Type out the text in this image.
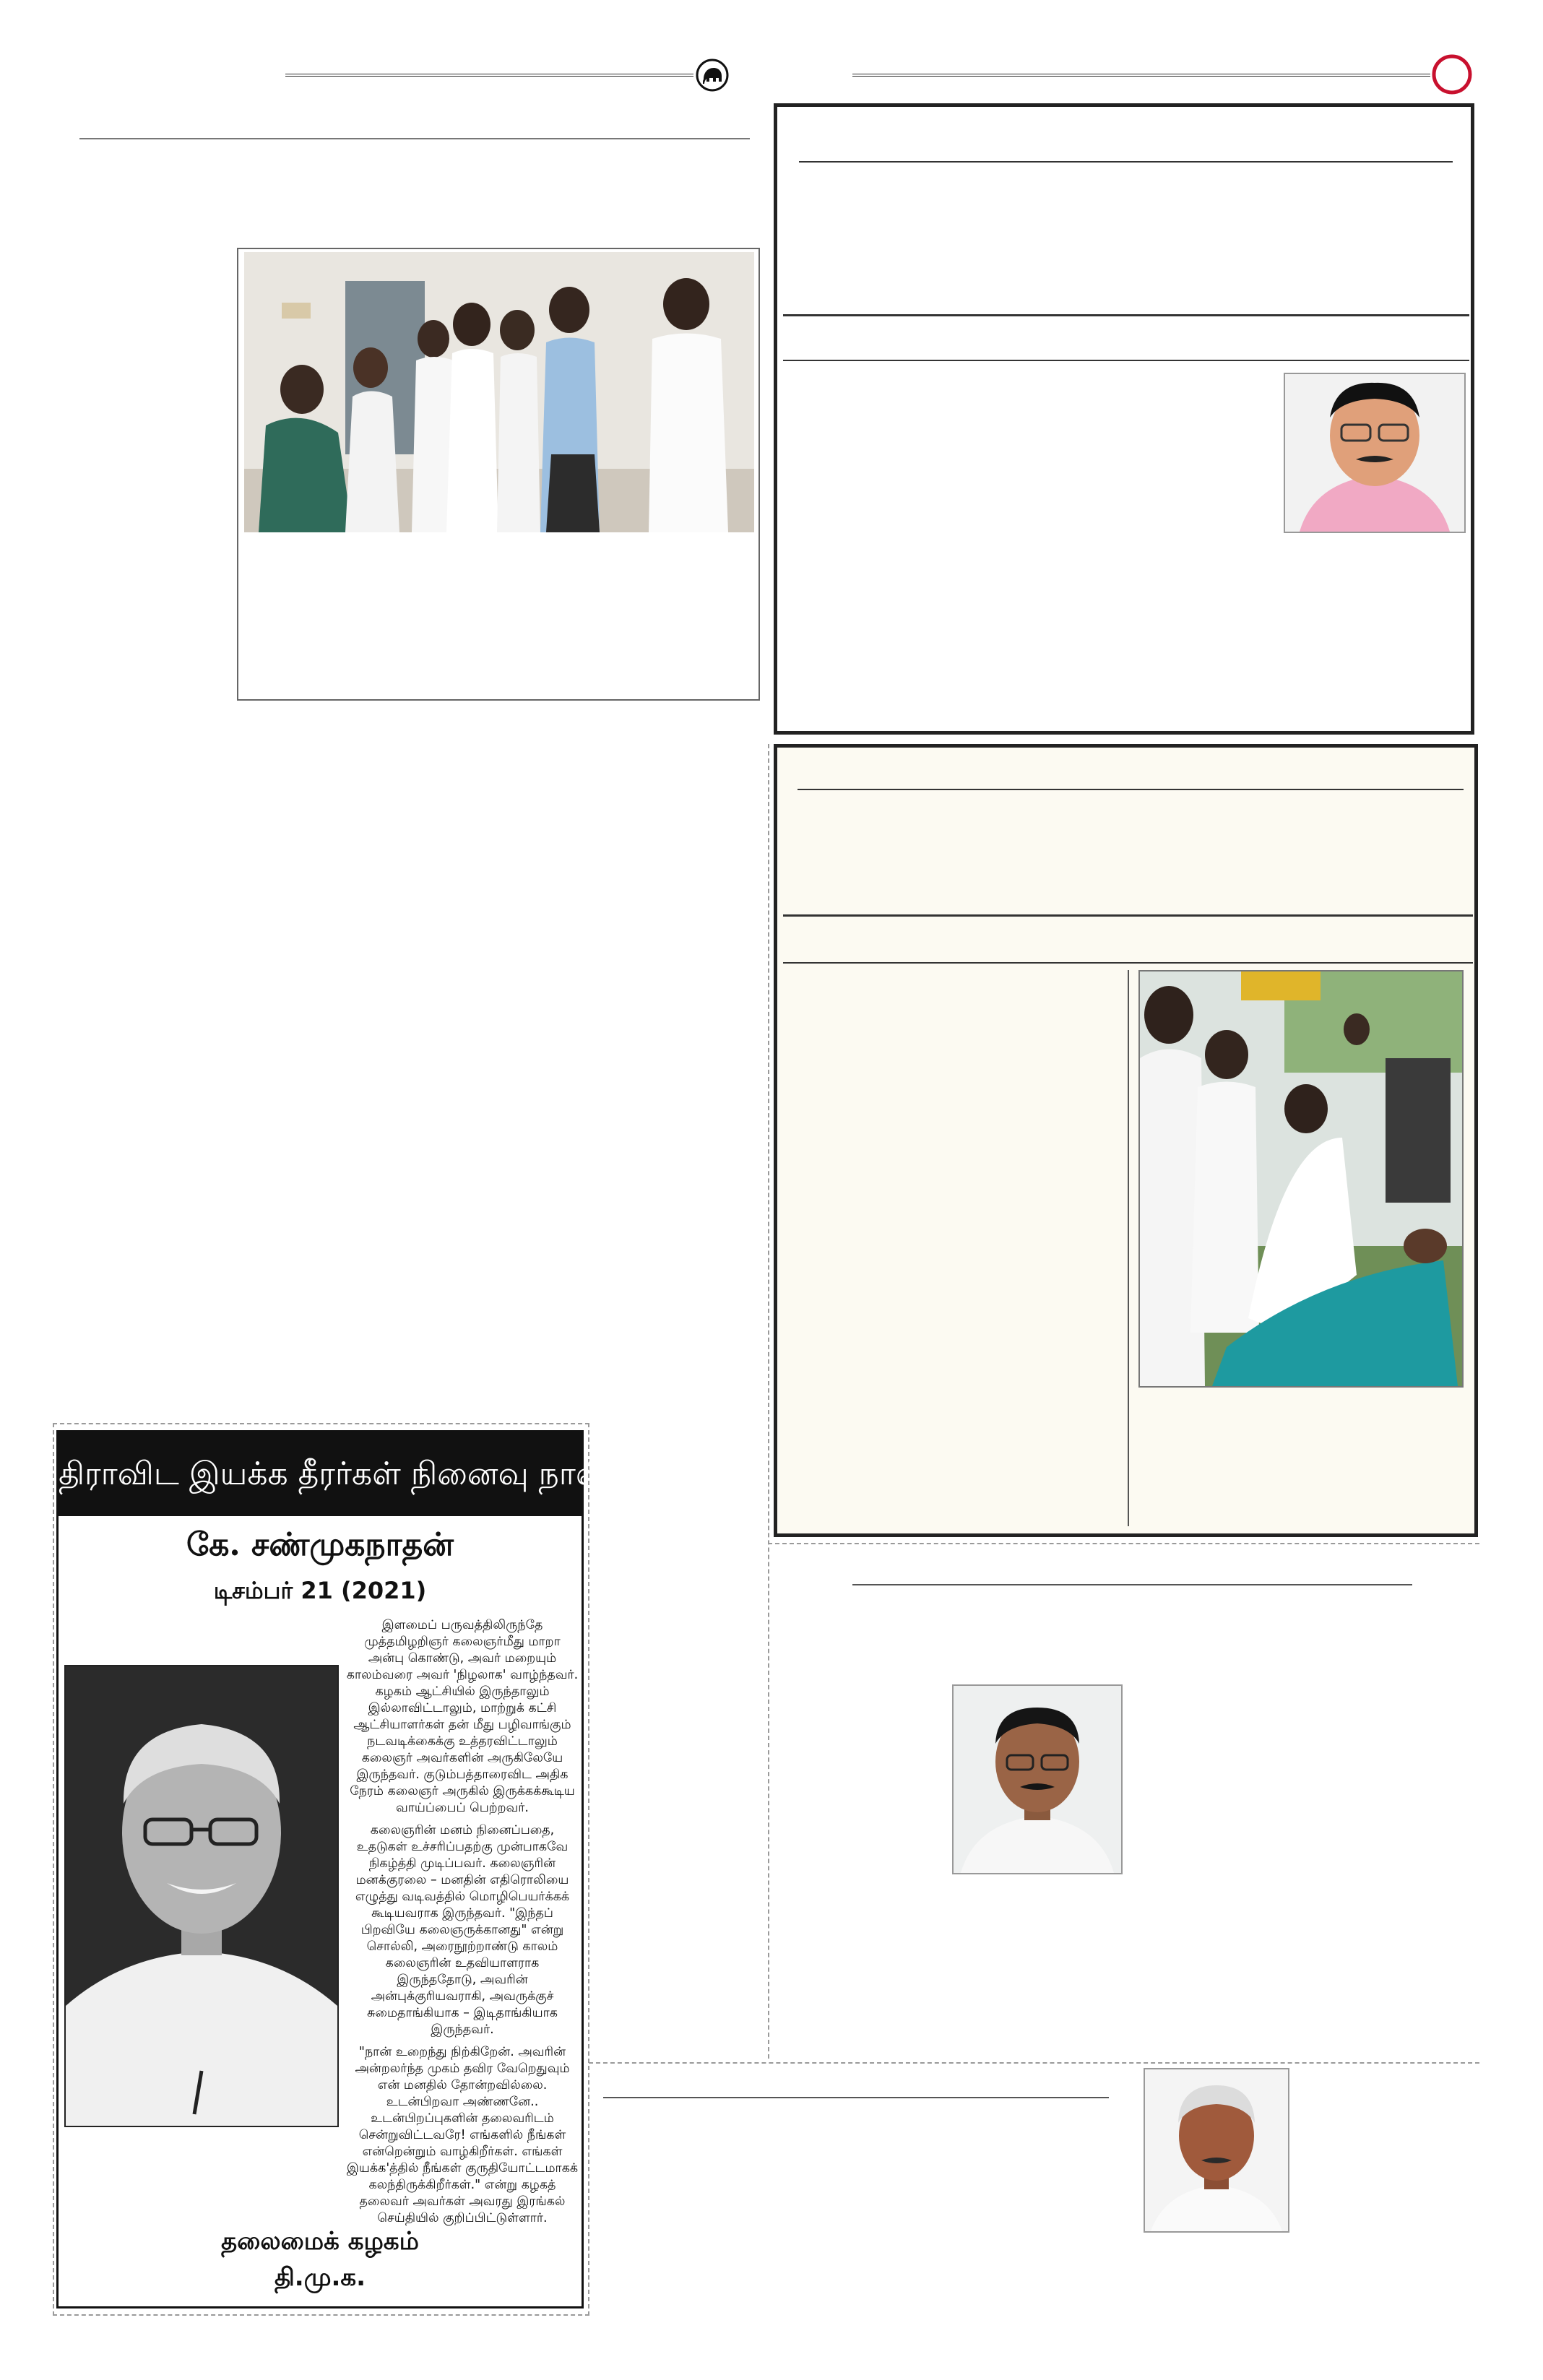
திராவிட இயக்க தீரர்கள் நினைவு நாள்
கே. சண்முகநாதன்
டிசம்பர் 21 (2021)

இளமைப் பருவத்திலிருந்தே முத்தமிழறிஞர் கலைஞர்மீது மாறா அன்பு கொண்டு, அவர் மறையும் காலம்வரை அவர் 'நிழலாக' வாழ்ந்தவர். கழகம் ஆட்சியில் இருந்தாலும் இல்லாவிட்டாலும், மாற்றுக் கட்சி ஆட்சியாளர்கள் தன் மீது பழிவாங்கும் நடவடிக்கைக்கு உத்தரவிட்டாலும் கலைஞர் அவர்களின் அருகிலேயே இருந்தவர். குடும்பத்தாரைவிட அதிக நேரம் கலைஞர் அருகில் இருக்கக்கூடிய வாய்ப்பைப் பெற்றவர்.

கலைஞரின் மனம் நினைப்பதை, உதடுகள் உச்சரிப்பதற்கு முன்பாகவே நிகழ்த்தி முடிப்பவர். கலைஞரின் மனக்குரலை – மனதின் எதிரொலியை எழுத்து வடிவத்தில் மொழிபெயர்க்கக் கூடியவராக இருந்தவர். "இந்தப் பிறவியே கலைஞருக்கானது" என்று சொல்லி, அரைநூற்றாண்டு காலம் கலைஞரின் உதவியாளராக இருந்ததோடு, அவரின் அன்புக்குரியவராகி, அவருக்குச் சுமைதாங்கியாக – இடிதாங்கியாக இருந்தவர்.

"நான் உறைந்து நிற்கிறேன். அவரின் அன்றலர்ந்த முகம் தவிர வேறெதுவும் என் மனதில் தோன்றவில்லை. உடன்பிறவா அண்ணனே.. உடன்பிறப்புகளின் தலைவரிடம் சென்றுவிட்டவரே! எங்களில் நீங்கள் என்றென்றும் வாழ்கிறீர்கள். எங்கள் இயக்க'த்தில் நீங்கள் குருதியோட்டமாகக் கலந்திருக்கிறீர்கள்." என்று கழகத் தலைவர் அவர்கள் அவரது இரங்கல் செய்தியில் குறிப்பிட்டுள்ளார்.

தலைமைக் கழகம்
தி.மு.க.
